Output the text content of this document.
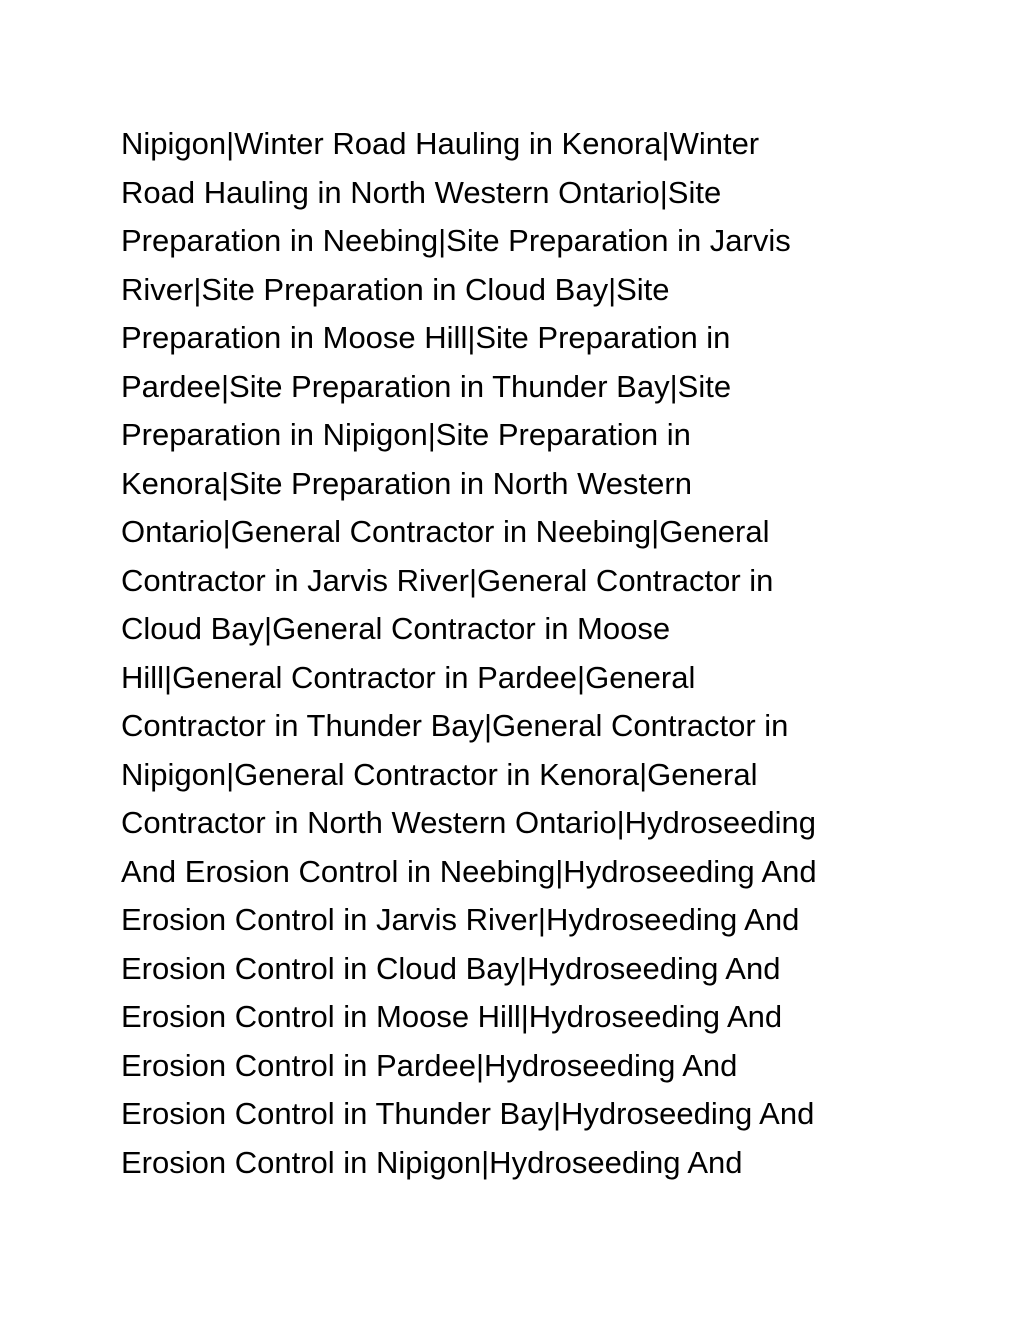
Nipigon|Winter Road Hauling in Kenora|Winter
Road Hauling in North Western Ontario|Site
Preparation in Neebing|Site Preparation in Jarvis
River|Site Preparation in Cloud Bay|Site
Preparation in Moose Hill|Site Preparation in
Pardee|Site Preparation in Thunder Bay|Site
Preparation in Nipigon|Site Preparation in
Kenora|Site Preparation in North Western
Ontario|General Contractor in Neebing|General
Contractor in Jarvis River|General Contractor in
Cloud Bay|General Contractor in Moose
Hill|General Contractor in Pardee|General
Contractor in Thunder Bay|General Contractor in
Nipigon|General Contractor in Kenora|General
Contractor in North Western Ontario|Hydroseeding
And Erosion Control in Neebing|Hydroseeding And
Erosion Control in Jarvis River|Hydroseeding And
Erosion Control in Cloud Bay|Hydroseeding And
Erosion Control in Moose Hill|Hydroseeding And
Erosion Control in Pardee|Hydroseeding And
Erosion Control in Thunder Bay|Hydroseeding And
Erosion Control in Nipigon|Hydroseeding And
